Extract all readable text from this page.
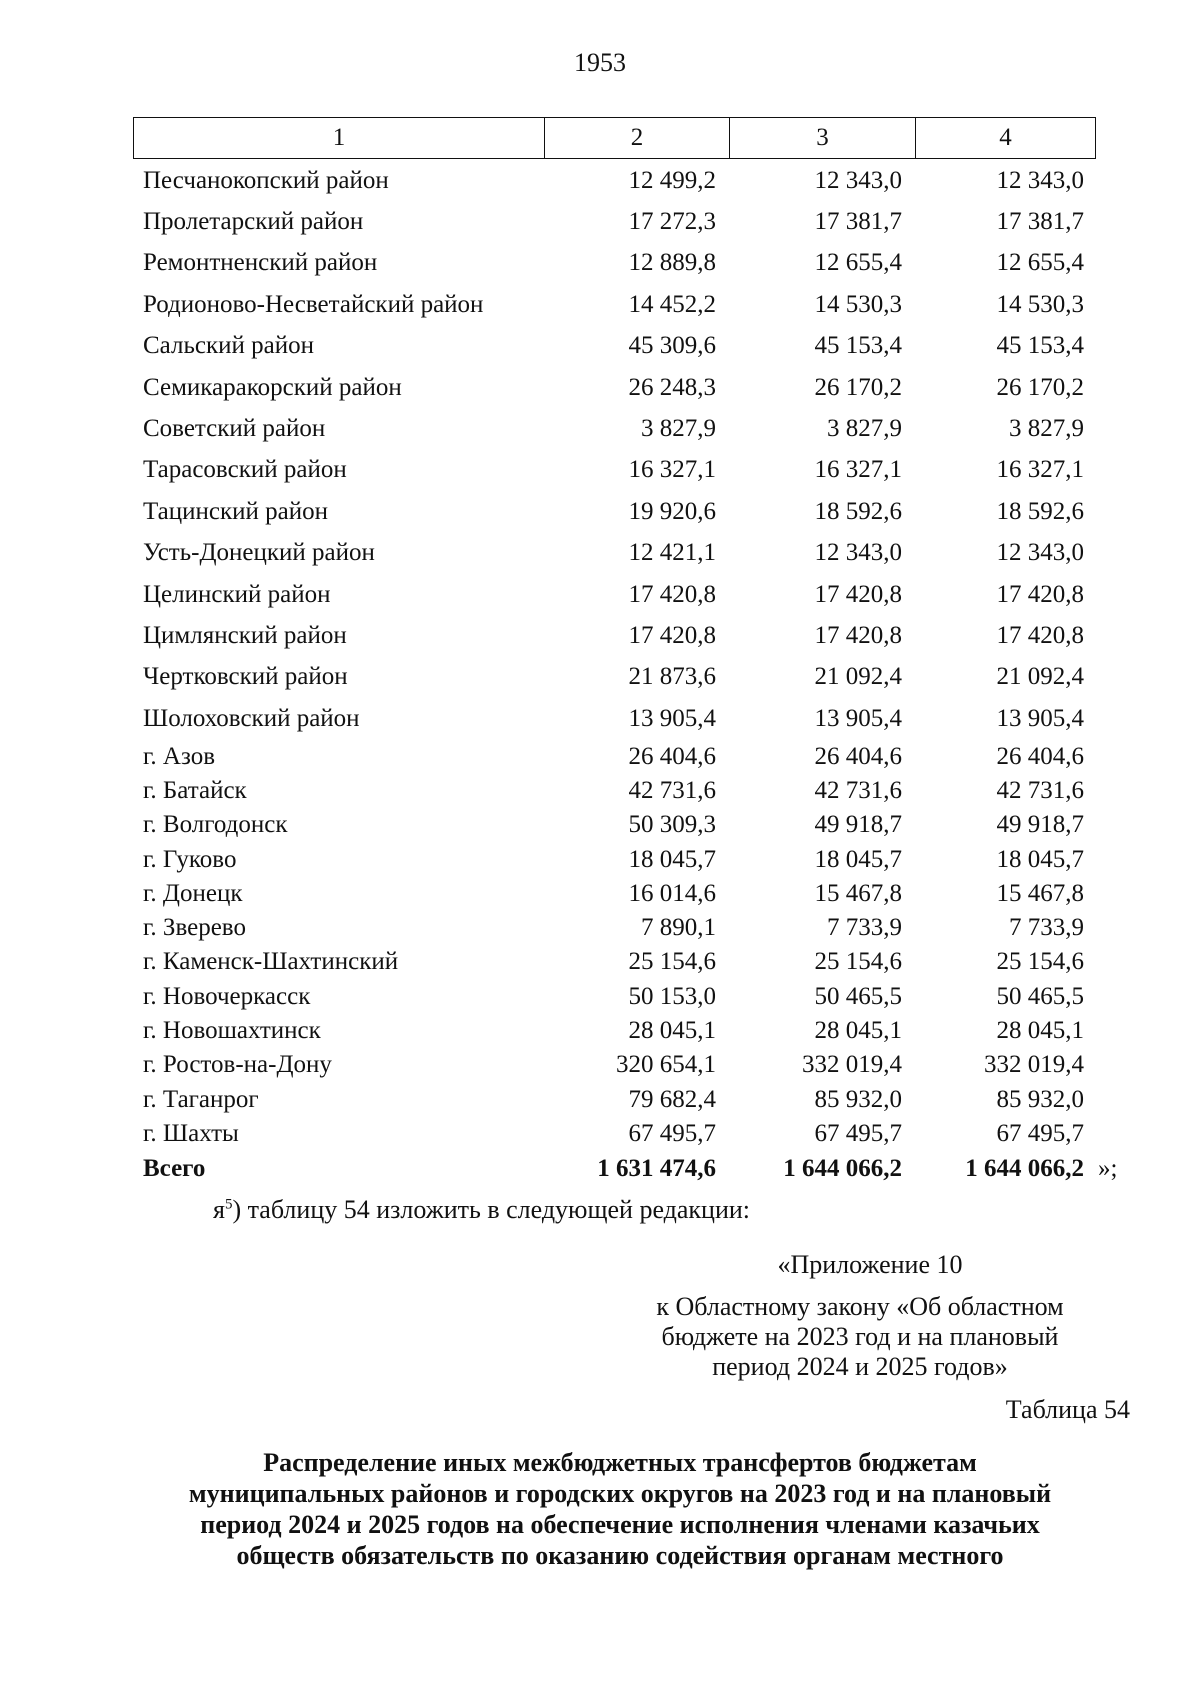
1953
1	2	3	4
Песчанокопский район	12 499,2	12 343,0	12 343,0
Пролетарский район	17 272,3	17 381,7	17 381,7
Ремонтненский район	12 889,8	12 655,4	12 655,4
Родионово-Несветайский район	14 452,2	14 530,3	14 530,3
Сальский район	45 309,6	45 153,4	45 153,4
Семикаракорский район	26 248,3	26 170,2	26 170,2
Советский район	3 827,9	3 827,9	3 827,9
Тарасовский район	16 327,1	16 327,1	16 327,1
Тацинский район	19 920,6	18 592,6	18 592,6
Усть-Донецкий район	12 421,1	12 343,0	12 343,0
Целинский район	17 420,8	17 420,8	17 420,8
Цимлянский район	17 420,8	17 420,8	17 420,8
Чертковский район	21 873,6	21 092,4	21 092,4
Шолоховский район	13 905,4	13 905,4	13 905,4
г. Азов	26 404,6	26 404,6	26 404,6
г. Батайск	42 731,6	42 731,6	42 731,6
г. Волгодонск	50 309,3	49 918,7	49 918,7
г. Гуково	18 045,7	18 045,7	18 045,7
г. Донецк	16 014,6	15 467,8	15 467,8
г. Зверево	7 890,1	7 733,9	7 733,9
г. Каменск-Шахтинский	25 154,6	25 154,6	25 154,6
г. Новочеркасск	50 153,0	50 465,5	50 465,5
г. Новошахтинск	28 045,1	28 045,1	28 045,1
г. Ростов-на-Дону	320 654,1	332 019,4	332 019,4
г. Таганрог	79 682,4	85 932,0	85 932,0
г. Шахты	67 495,7	67 495,7	67 495,7
Всего	1 631 474,6	1 644 066,2	1 644 066,2 »;
$я^5$) таблицу 54 изложить в следующей редакции:
«Приложение 10
к Областному закону «Об областном
бюджете на 2023 год и на плановый
период 2024 и 2025 годов»
Таблица 54
Распределение иных межбюджетных трансфертов бюджетам
муниципальных районов и городских округов на 2023 год и на плановый
период 2024 и 2025 годов на обеспечение исполнения членами казачьих
обществ обязательств по оказанию содействия органам местного
